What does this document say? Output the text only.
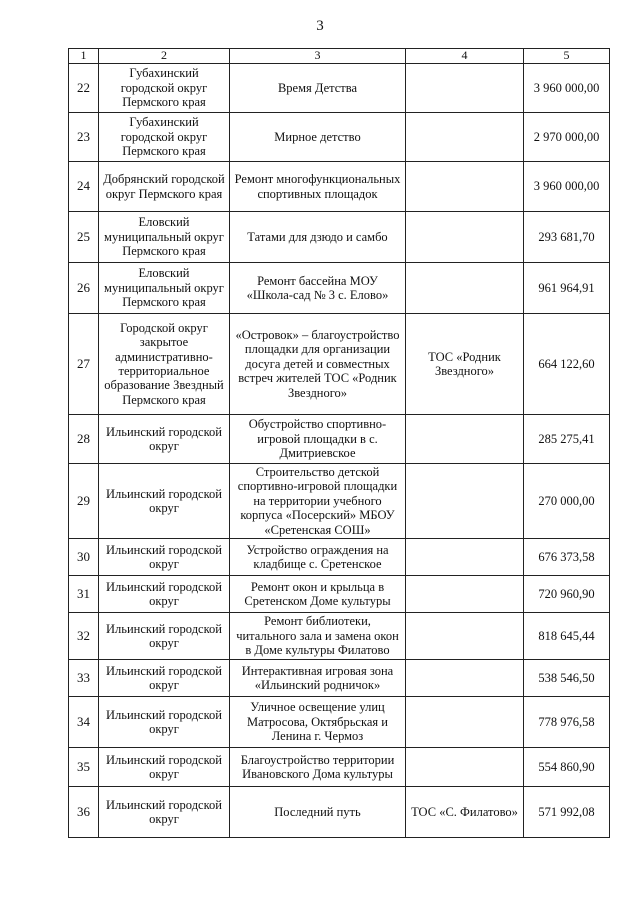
3
1	2	3	4	5
22	Губахинский городской округ Пермского края	Время Детства		3 960 000,00
23	Губахинский городской округ Пермского края	Мирное детство		2 970 000,00
24	Добрянский городской округ Пермского края	Ремонт многофункциональных спортивных площадок		3 960 000,00
25	Еловский муниципальный округ Пермского края	Татами для дзюдо и самбо		293 681,70
26	Еловский муниципальный округ Пермского края	Ремонт бассейна МОУ «Школа-сад № 3 с. Елово»		961 964,91
27	Городской округ закрытое административно-территориальное образование Звездный Пермского края	«Островок» – благоустройство площадки для организации досуга детей и совместных встреч жителей ТОС «Родник Звездного»	ТОС «Родник Звездного»	664 122,60
28	Ильинский городской округ	Обустройство спортивно-игровой площадки в с. Дмитриевское		285 275,41
29	Ильинский городской округ	Строительство детской спортивно-игровой площадки на территории учебного корпуса «Посерский» МБОУ «Сретенская СОШ»		270 000,00
30	Ильинский городской округ	Устройство ограждения на кладбище с. Сретенское		676 373,58
31	Ильинский городской округ	Ремонт окон и крыльца в Сретенском Доме культуры		720 960,90
32	Ильинский городской округ	Ремонт библиотеки, читального зала и замена окон в Доме культуры Филатово		818 645,44
33	Ильинский городской округ	Интерактивная игровая зона «Ильинский родничок»		538 546,50
34	Ильинский городской округ	Уличное освещение улиц Матросова, Октябрьская и Ленина г. Чермоз		778 976,58
35	Ильинский городской округ	Благоустройство территории Ивановского Дома культуры		554 860,90
36	Ильинский городской округ	Последний путь	ТОС «С. Филатово»	571 992,08
